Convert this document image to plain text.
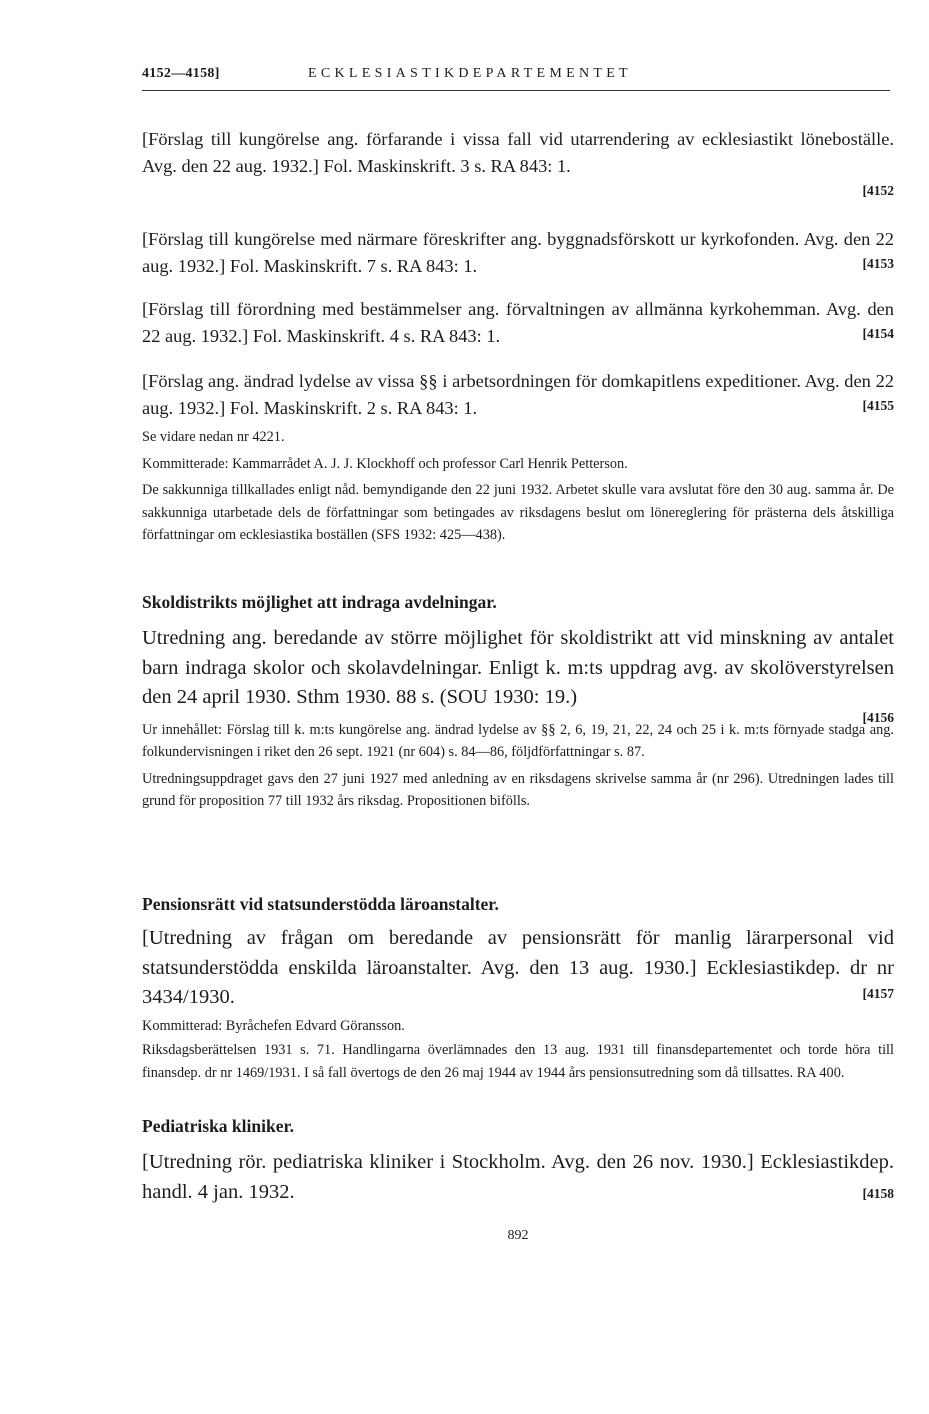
4152—4158]	ECKLESIASTIKDEPARTEMENTET
[Förslag till kungörelse ang. förfarande i vissa fall vid utarrendering av ecklesiastikt löneboställe. Avg. den 22 aug. 1932.] Fol. Maskinskrift. 3 s. RA 843: 1.
[4152
[Förslag till kungörelse med närmare föreskrifter ang. byggnadsförskott ur kyrkofonden. Avg. den 22 aug. 1932.] Fol. Maskinskrift. 7 s. RA 843: 1.	[4153
[Förslag till förordning med bestämmelser ang. förvaltningen av allmänna kyrkohemman. Avg. den 22 aug. 1932.] Fol. Maskinskrift. 4 s. RA 843: 1.	[4154
[Förslag ang. ändrad lydelse av vissa §§ i arbetsordningen för domkapitlens expeditioner. Avg. den 22 aug. 1932.] Fol. Maskinskrift. 2 s. RA 843: 1.	[4155
Se vidare nedan nr 4221.
Kommitterade: Kammarrådet A. J. J. Klockhoff och professor Carl Henrik Petterson.
De sakkunniga tillkallades enligt nåd. bemyndigande den 22 juni 1932. Arbetet skulle vara avslutat före den 30 aug. samma år. De sakkunniga utarbetade dels de författningar som betingades av riksdagens beslut om lönereglering för prästerna dels åtskilliga författningar om ecklesiastika boställen (SFS 1932: 425—438).
Skoldistrikts möjlighet att indraga avdelningar.
Utredning ang. beredande av större möjlighet för skoldistrikt att vid minskning av antalet barn indraga skolor och skolavdelningar. Enligt k. m:ts uppdrag avg. av skolöverstyrelsen den 24 april 1930. Sthm 1930. 88 s. (SOU 1930: 19.)
[4156
Ur innehållet: Förslag till k. m:ts kungörelse ang. ändrad lydelse av §§ 2, 6, 19, 21, 22, 24 och 25 i k. m:ts förnyade stadga ang. folkundervisningen i riket den 26 sept. 1921 (nr 604) s. 84—86, följdförfattningar s. 87.
Utredningsuppdraget gavs den 27 juni 1927 med anledning av en riksdagens skrivelse samma år (nr 296). Utredningen lades till grund för proposition 77 till 1932 års riksdag. Propositionen bifölls.
Pensionsrätt vid statsunderstödda läroanstalter.
[Utredning av frågan om beredande av pensionsrätt för manlig lärarpersonal vid statsunderstödda enskilda läroanstalter. Avg. den 13 aug. 1930.] Ecklesiastikdep. dr nr 3434/1930.	[4157
Kommitterad: Byråchefen Edvard Göransson.
Riksdagsberättelsen 1931 s. 71. Handlingarna överlämnades den 13 aug. 1931 till finansdepartementet och torde höra till finansdep. dr nr 1469/1931. I så fall övertogs de den 26 maj 1944 av 1944 års pensionsutredning som då tillsattes. RA 400.
Pediatriska kliniker.
[Utredning rör. pediatriska kliniker i Stockholm. Avg. den 26 nov. 1930.] Ecklesiastikdep. handl. 4 jan. 1932.	[4158
892
